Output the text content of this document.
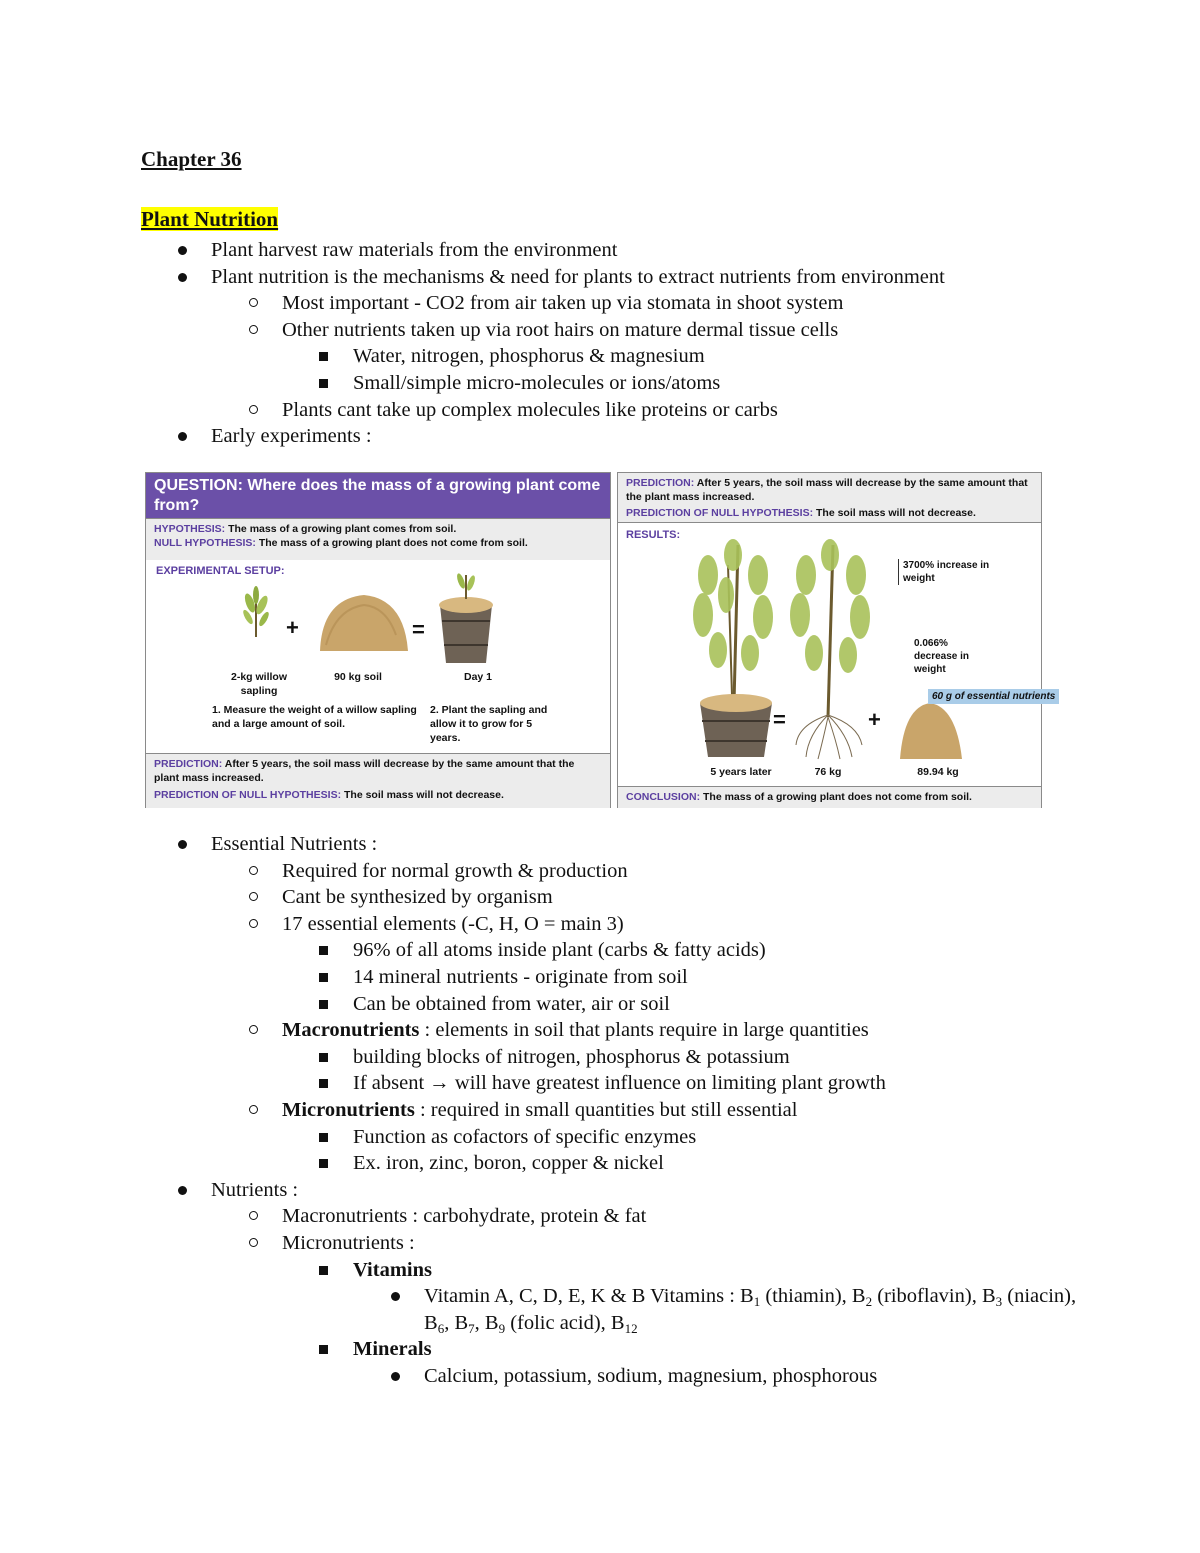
Chapter 36
Plant Nutrition
Plant harvest raw materials from the environment
Plant nutrition is the mechanisms & need for plants to extract nutrients from environment
Most important - CO2 from air taken up via stomata in shoot system
Other nutrients taken up via root hairs on mature dermal tissue cells
Water, nitrogen, phosphorus & magnesium
Small/simple micro-molecules or ions/atoms
Plants cant take up complex molecules like proteins or carbs
Early experiments :
QUESTION: Where does the mass of a growing plant come from?
HYPOTHESIS: The mass of a growing plant comes from soil.
NULL HYPOTHESIS: The mass of a growing plant does not come from soil.
EXPERIMENTAL SETUP:
+	=
2-kg willow sapling
90 kg soil	Day 1
1. Measure the weight of a willow sapling and a large amount of soil.
2. Plant the sapling and allow it to grow for 5 years.
PREDICTION: After 5 years, the soil mass will decrease by the same amount that the plant mass increased.
PREDICTION OF NULL HYPOTHESIS: The soil mass will not decrease.
PREDICTION: After 5 years, the soil mass will decrease by the same amount that the plant mass increased.
PREDICTION OF NULL HYPOTHESIS: The soil mass will not decrease.
RESULTS:
=	+
3700% increase in weight
0.066% decrease in weight
60 g of essential nutrients
5 years later	76 kg	89.94 kg
CONCLUSION: The mass of a growing plant does not come from soil.
Essential Nutrients :
Required for normal growth & production
Cant be synthesized by organism
17 essential elements (-C, H, O = main 3)
96% of all atoms inside plant (carbs & fatty acids)
14 mineral nutrients - originate from soil
Can be obtained from water, air or soil
Macronutrients : elements in soil that plants require in large quantities
building blocks of nitrogen, phosphorus & potassium
If absent → will have greatest influence on limiting plant growth
Micronutrients : required in small quantities but still essential
Function as cofactors of specific enzymes
Ex. iron, zinc, boron, copper & nickel
Nutrients :
Macronutrients : carbohydrate, protein & fat
Micronutrients :
Vitamins
Vitamin A, C, D, E, K & B Vitamins : $B_1$ (thiamin), $B_2$ (riboflavin), $B_3$ (niacin), $B_6$, $B_7$, $B_9$ (folic acid), $B_{12}$
Minerals
Calcium, potassium, sodium, magnesium, phosphorous
